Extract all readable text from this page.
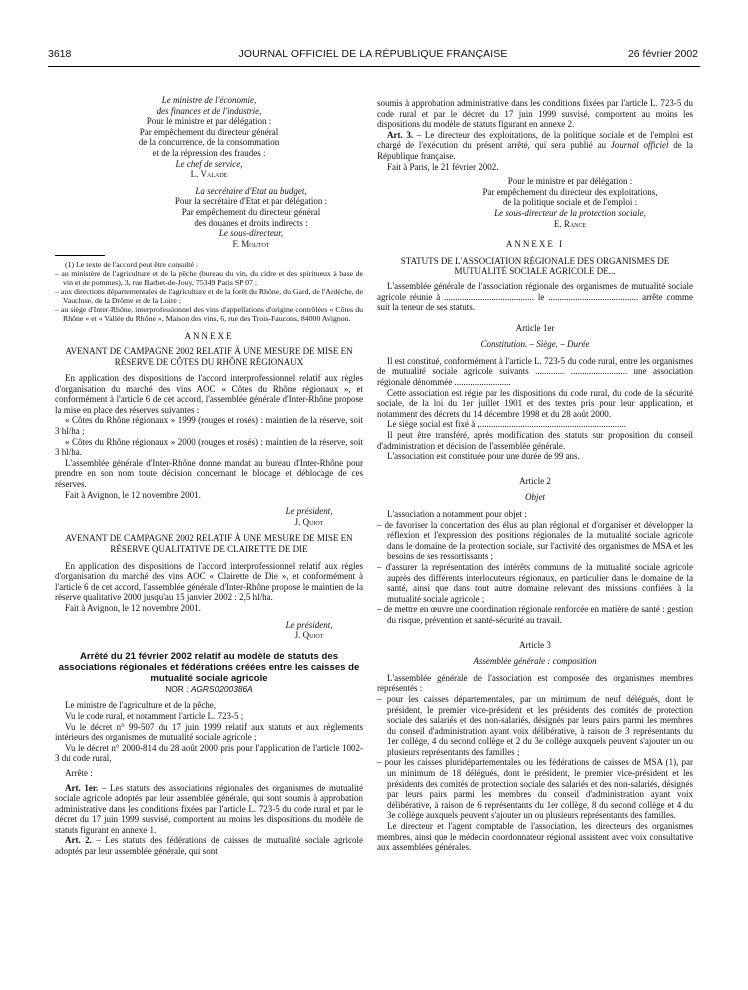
3618	JOURNAL OFFICIEL DE LA RÉPUBLIQUE FRANÇAISE	26 février 2002
Le ministre de l'économie,
des finances et de l'industrie,
Pour le ministre et par délégation :
Par empêchement du directeur général
de la concurrence, de la consommation
et de la répression des fraudes :
Le chef de service,
L. Valade
La secrétaire d'Etat au budget,
Pour la secrétaire d'Etat et par délégation :
Par empêchement du directeur général
des douanes et droits indirects :
Le sous-directeur,
F. Moutot

(1) Le texte de l'accord peut être consulté :

– au ministère de l'agriculture et de la pêche (bureau du vin, du cidre et des spiritueux à base de vin et de pommes), 3, rue Barbet-de-Jouy, 75349 Paris SP 07 ;
– aux directions départementales de l'agriculture et de la forêt du Rhône, du Gard, de l'Ardèche, de Vaucluse, de la Drôme et de la Loire ;
– au siège d'Inter-Rhône, interprofessionnel des vins d'appellations d'origine contrôlées « Côtes du Rhône » et « Vallée du Rhône », Maison des vins, 6, rue des Trois-Faucons, 84000 Avignon.
ANNEXE
AVENANT DE CAMPAGNE 2002 RELATIF À UNE MESURE DE MISE EN RÉSERVE DE CÔTES DU RHÔNE RÉGIONAUX

En application des dispositions de l'accord interprofessionnel relatif aux règles d'organisation du marché des vins AOC « Côtes du Rhône régionaux », et conformément à l'article 6 de cet accord, l'assemblée générale d'Inter-Rhône propose la mise en place des réserves suivantes :

« Côtes du Rhône régionaux » 1999 (rouges et rosés) : maintien de la réserve, soit 3 hl/ha ;

« Côtes du Rhône régionaux » 2000 (rouges et rosés) : maintien de la réserve, soit 3 hl/ha.

L'assemblée générale d'Inter-Rhône donne mandat au bureau d'Inter-Rhône pour prendre en son nom toute décision concernant le blocage et déblocage de ces réserves.

Fait à Avignon, le 12 novembre 2001.

Le président,
J. Quiot
AVENANT DE CAMPAGNE 2002 RELATIF À UNE MESURE DE MISE EN RÉSERVE QUALITATIVE DE CLAIRETTE DE DIE

En application des dispositions de l'accord interprofessionnel relatif aux règles d'organisation du marché des vins AOC « Clairette de Die », et conformément à l'article 6 de cet accord, l'assemblée générale d'Inter-Rhône propose le maintien de la réserve qualitative 2000 jusqu'au 15 janvier 2002 : 2,5 hl/ha.

Fait à Avignon, le 12 novembre 2001.

Le président,
J. Quiot
Arrêté du 21 février 2002 relatif au modèle de statuts des associations régionales et fédérations créées entre les caisses de mutualité sociale agricole
NOR : AGRS0200386A

Le ministre de l'agriculture et de la pêche,

Vu le code rural, et notamment l'article L. 723-5 ;

Vu le décret n° 99-507 du 17 juin 1999 relatif aux statuts et aux règlements intérieurs des organismes de mutualité sociale agricole ;

Vu le décret n° 2000-814 du 28 août 2000 pris pour l'application de l'article 1002-3 du code rural,

Arrête :

Art. 1er. – Les statuts des associations régionales des organismes de mutualité sociale agricole adoptés par leur assemblée générale, qui sont soumis à approbation administrative dans les conditions fixées par l'article L. 723-5 du code rural et par le décret du 17 juin 1999 susvisé, comportent au moins les dispositions du modèle de statuts figurant en annexe 1.

Art. 2. – Les statuts des fédérations de caisses de mutualité sociale agricole adoptés par leur assemblée générale, qui sont

soumis à approbation administrative dans les conditions fixées par l'article L. 723-5 du code rural et par le décret du 17 juin 1999 susvisé, comportent au moins les dispositions du modèle de statuts figurant en annexe 2.

Art. 3. – Le directeur des exploitations, de la politique sociale et de l'emploi est chargé de l'exécution du présent arrêté, qui sera publié au Journal officiel de la République française.

Fait à Paris, le 21 février 2002.

Pour le ministre et par délégation :
Par empêchement du directeur des exploitations,
de la politique sociale et de l'emploi :
Le sous-directeur de la protection sociale,
E. Rance
ANNEXE I
STATUTS DE L'ASSOCIATION RÉGIONALE DES ORGANISMES DE MUTUALITÉ SOCIALE AGRICOLE DE...

L'assemblée générale de l'association régionale des organismes de mutualité sociale agricole réunie à ........................................ le ........................................ arrête comme suit la teneur de ses statuts.

Article 1er
Constitution. – Siège. – Durée

Il est constitué, conformément à l'article L. 723-5 du code rural, entre les organismes de mutualité sociale agricole suivants ............. ......................... une association régionale dénommée .........................

Cette association est régie par les dispositions du code rural, du code de la sécurité sociale, de la loi du 1er juillet 1901 et des textes pris pour leur application, et notamment des décrets du 14 décembre 1998 et du 28 août 2000.

Le siège social est fixé à ..................................................................

Il peut être transféré, après modification des statuts sur proposition du conseil d'administration et décision de l'assemblée générale.

L'association est constituée pour une durée de 99 ans.

Article 2
Objet

L'association a notamment pour objet :

– de favoriser la concertation des élus au plan régional et d'organiser et développer la réflexion et l'expression des positions régionales de la mutualité sociale agricole dans le domaine de la protection sociale, sur l'activité des organismes de MSA et les besoins de ses ressortissants ;
– d'assurer la représentation des intérêts communs de la mutualité sociale agricole auprès des différents interlocuteurs régionaux, en particulier dans le domaine de la santé, ainsi que dans tout autre domaine relevant des missions confiées à la mutualité sociale agricole ;
– de mettre en œuvre une coordination régionale renforcée en matière de santé : gestion du risque, prévention et santé-sécurité au travail.
Article 3
Assemblée générale : composition

L'assemblée générale de l'association est composée des organismes membres représentés :

– pour les caisses départementales, par un minimum de neuf délégués, dont le président, le premier vice-président et les présidents des comités de protection sociale des salariés et des non-salariés, désignés par leurs pairs parmi les membres du conseil d'administration ayant voix délibérative, à raison de 3 représentants du 1er collège, 4 du second collège et 2 du 3e collège auxquels peuvent s'ajouter un ou plusieurs représentants des familles ;
– pour les caisses pluridépartementales ou les fédérations de caisses de MSA (1), par un minimum de 18 délégués, dont le président, le premier vice-président et les présidents des comités de protection sociale des salariés et des non-salariés, désignés par leurs pairs parmi les membres du conseil d'administration ayant voix délibérative, à raison de 6 représentants du 1er collège, 8 du second collège et 4 du 3e collège auxquels peuvent s'ajouter un ou plusieurs représentants des familles.

Le directeur et l'agent comptable de l'association, les directeurs des organismes membres, ainsi que le médecin coordonnateur régional assistent avec voix consultative aux assemblées générales.
